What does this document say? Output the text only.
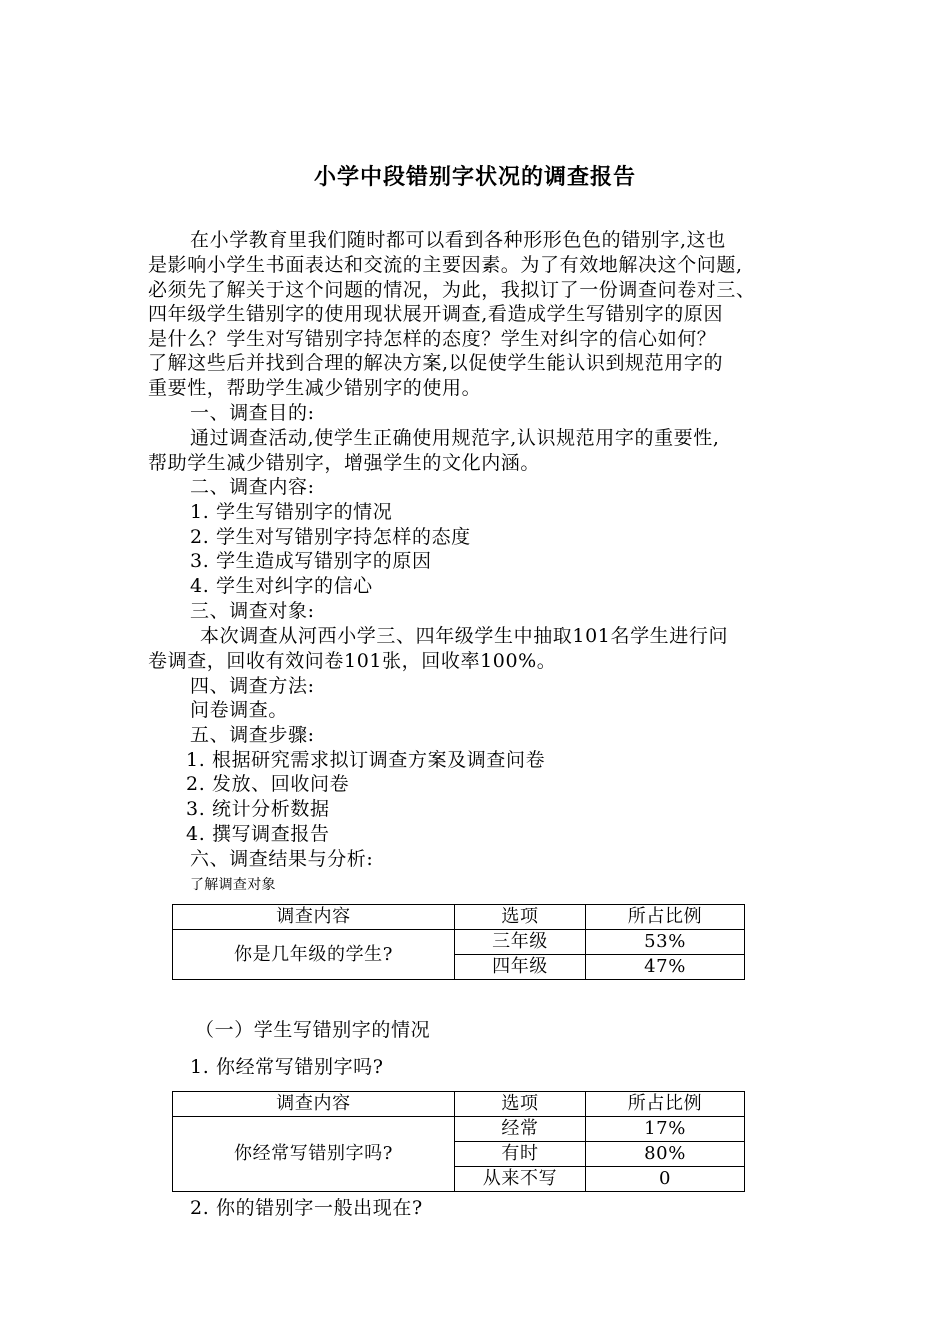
小学中段错别字状况的调查报告
在小学教育里我们随时都可以看到各种形形色色的错别字,这也
是影响小学生书面表达和交流的主要因素。为了有效地解决这个问题,
必须先了解关于这个问题的情况，为此，我拟订了一份调查问卷对三、
四年级学生错别字的使用现状展开调查,看造成学生写错别字的原因
是什么？学生对写错别字持怎样的态度？学生对纠字的信心如何？
了解这些后并找到合理的解决方案,以促使学生能认识到规范用字的
重要性，帮助学生减少错别字的使用。
一、调查目的:
通过调查活动,使学生正确使用规范字,认识规范用字的重要性,
帮助学生减少错别字，增强学生的文化内涵。
二、调查内容:
1. 学生写错别字的情况
2. 学生对写错别字持怎样的态度
3. 学生造成写错别字的原因
4. 学生对纠字的信心
三、调查对象:
本次调查从河西小学三、四年级学生中抽取101名学生进行问
卷调查，回收有效问卷101张，回收率100%。
四、调查方法:
问卷调查。
五、调查步骤:
1. 根据研究需求拟订调查方案及调查问卷
2. 发放、回收问卷
3. 统计分析数据
4. 撰写调查报告
六、调查结果与分析:
了解调查对象
调查内容	选项	所占比例
你是几年级的学生?	三年级	53%
	四年级	47%
（一）学生写错别字的情况
1. 你经常写错别字吗?
调查内容	选项	所占比例
你经常写错别字吗?	经常	17%
	有时	80%
	从来不写	0
2. 你的错别字一般出现在?
